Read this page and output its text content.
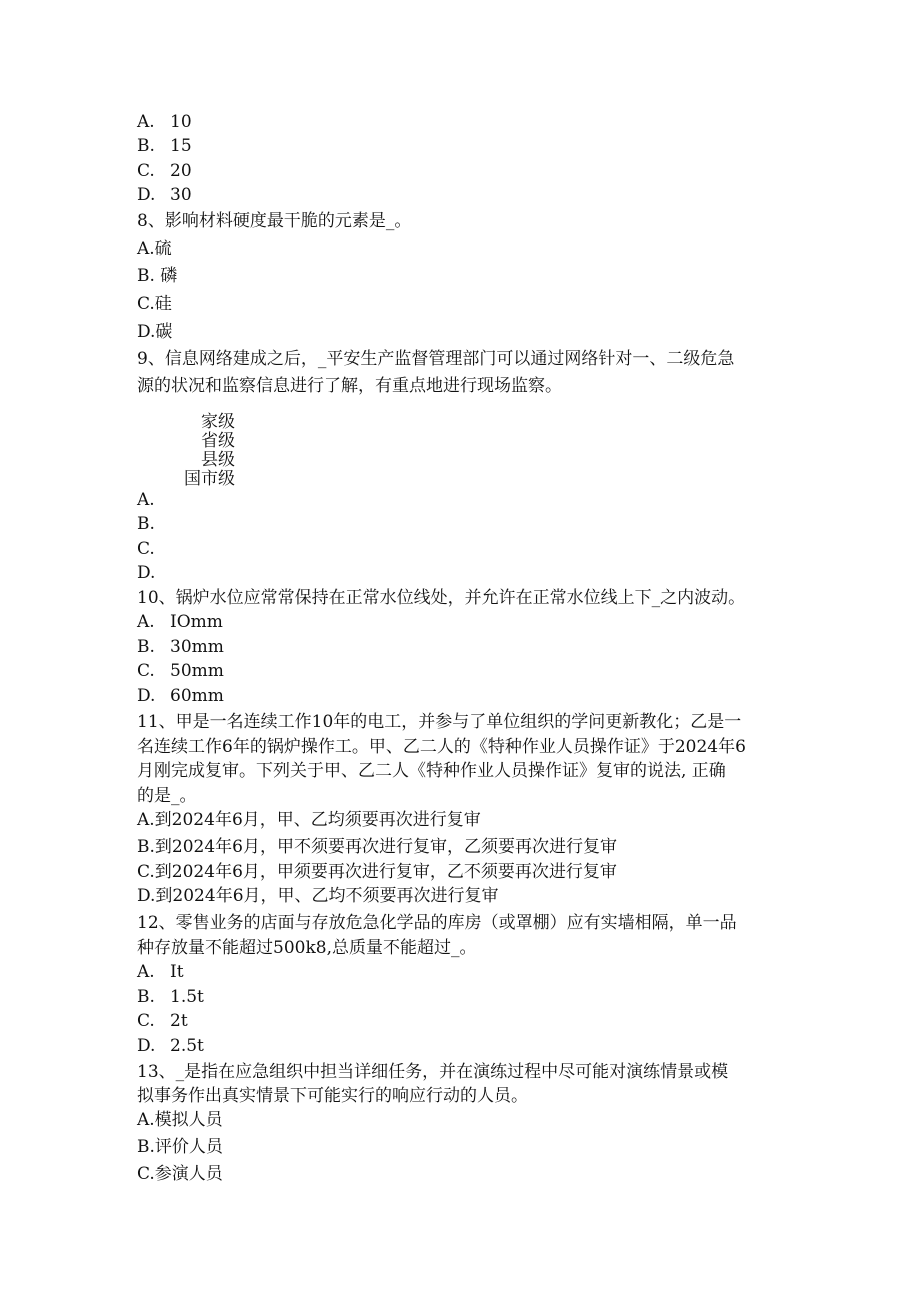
A. 10
B. 15
C. 20
D. 30
8、影响材料硬度最干脆的元素是_。
A.硫
B. 磷
C.硅
D.碳
9、信息网络建成之后，_平安生产监督管理部门可以通过网络针对一、二级危急
源的状况和监察信息进行了解，有重点地进行现场监察。
家级
省级
县级
国市级
A.
B.
C.
D.
10、锅炉水位应常常保持在正常水位线处，并允许在正常水位线上下_之内波动。
A. IOmm
B. 30mm
C. 50mm
D. 60mm
11、甲是一名连续工作10年的电工，并参与了单位组织的学问更新教化；乙是一
名连续工作6年的锅炉操作工。甲、乙二人的《特种作业人员操作证》于2024年6
月刚完成复审。下列关于甲、乙二人《特种作业人员操作证》复审的说法, 正确
的是_。
A.到2024年6月，甲、乙均须要再次进行复审
B.到2024年6月，甲不须要再次进行复审，乙须要再次进行复审
C.到2024年6月，甲须要再次进行复审，乙不须要再次进行复审
D.到2024年6月，甲、乙均不须要再次进行复审
12、零售业务的店面与存放危急化学品的库房（或罩棚）应有实墙相隔，单一品
种存放量不能超过500k8,总质量不能超过_。
A. It
B. 1.5t
C. 2t
D. 2.5t
13、_是指在应急组织中担当详细任务，并在演练过程中尽可能对演练情景或模
拟事务作出真实情景下可能实行的响应行动的人员。
A.模拟人员
B.评价人员
C.参演人员
